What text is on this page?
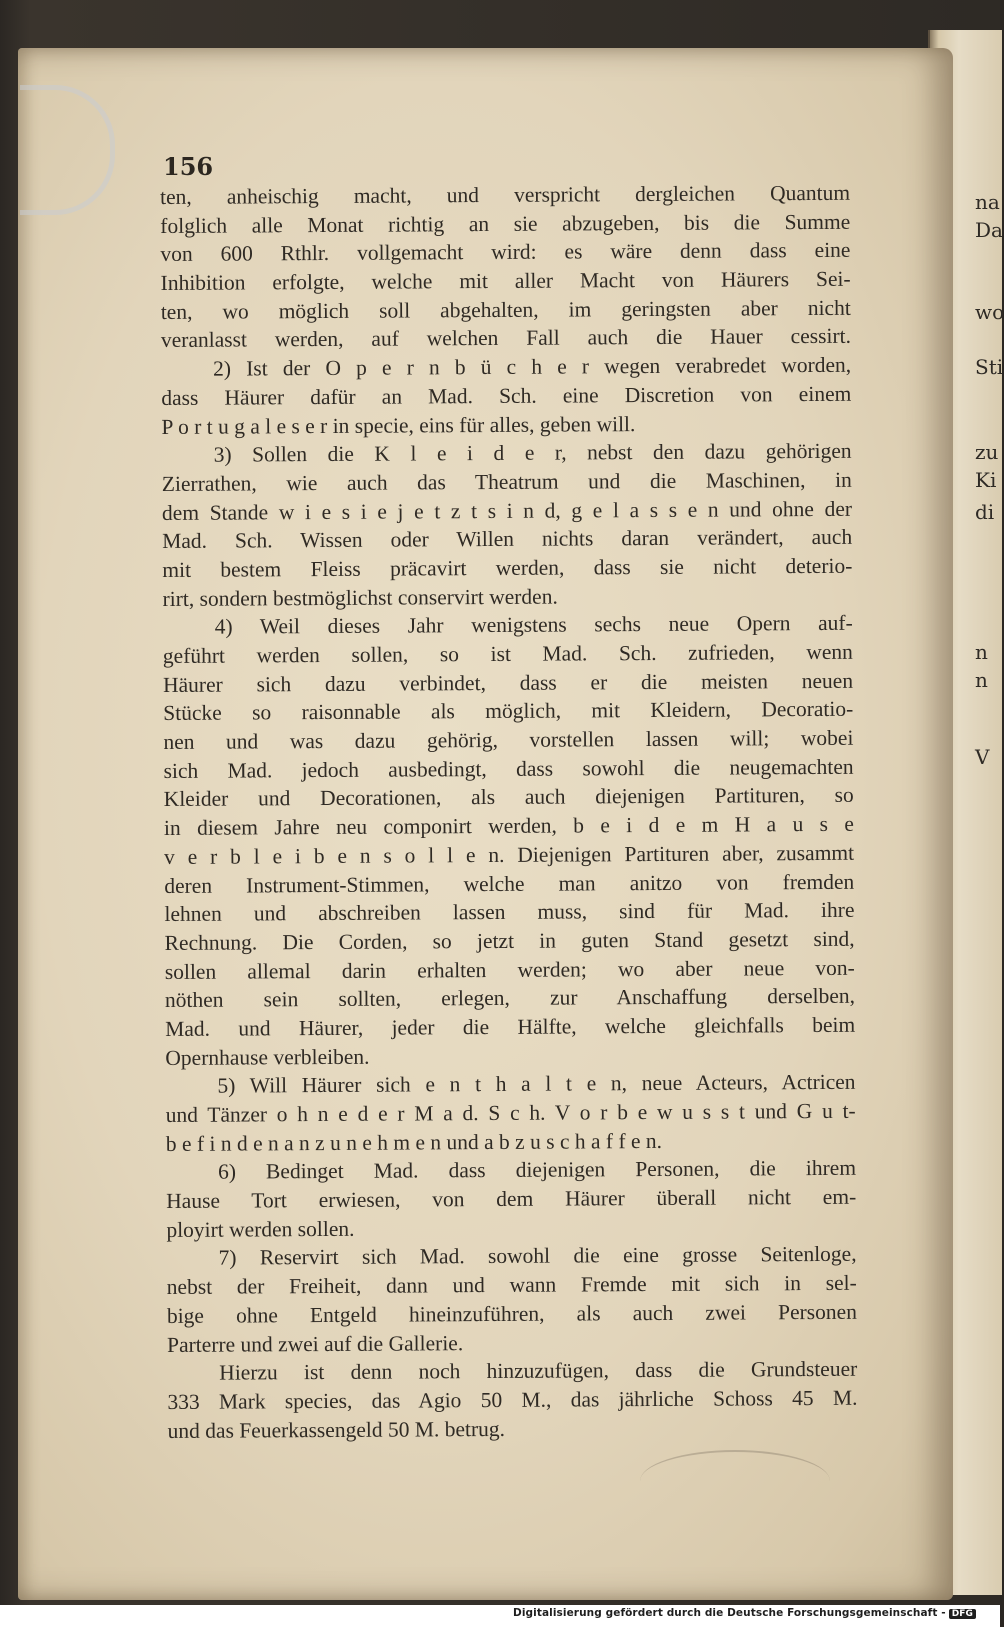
na
Da
wo
Sti
zu
Ki
di
n
n
V
156
ten, anheischig macht, und verspricht dergleichen Quantum
folglich alle Monat richtig an sie abzugeben, bis die Summe
von 600 Rthlr. vollgemacht wird: es wäre denn dass eine
Inhibition erfolgte, welche mit aller Macht von Häurers Sei-
ten, wo möglich soll abgehalten, im geringsten aber nicht
veranlasst werden, auf welchen Fall auch die Hauer cessirt.
2) Ist der O p e r n b ü c h e r wegen verabredet worden,
dass Häurer dafür an Mad. Sch. eine Discretion von einem
P o r t u g a l e s e r in specie, eins für alles, geben will.
3) Sollen die K l e i d e r, nebst den dazu gehörigen
Zierrathen, wie auch das Theatrum und die Maschinen, in
dem Stande w i e s i e j e t z t s i n d, g e l a s s e n und ohne der
Mad. Sch. Wissen oder Willen nichts daran verändert, auch
mit bestem Fleiss präcavirt werden, dass sie nicht deterio-
rirt, sondern bestmöglichst conservirt werden.
4) Weil dieses Jahr wenigstens sechs neue Opern auf-
geführt werden sollen, so ist Mad. Sch. zufrieden, wenn
Häurer sich dazu verbindet, dass er die meisten neuen
Stücke so raisonnable als möglich, mit Kleidern, Decoratio-
nen und was dazu gehörig, vorstellen lassen will; wobei
sich Mad. jedoch ausbedingt, dass sowohl die neugemachten
Kleider und Decorationen, als auch diejenigen Partituren, so
in diesem Jahre neu componirt werden, b e i d e m H a u s e
v e r b l e i b e n s o l l e n. Diejenigen Partituren aber, zusammt
deren Instrument-Stimmen, welche man anitzo von fremden
lehnen und abschreiben lassen muss, sind für Mad. ihre
Rechnung. Die Corden, so jetzt in guten Stand gesetzt sind,
sollen allemal darin erhalten werden; wo aber neue von-
nöthen sein sollten, erlegen, zur Anschaffung derselben,
Mad. und Häurer, jeder die Hälfte, welche gleichfalls beim
Opernhause verbleiben.
5) Will Häurer sich e n t h a l t e n, neue Acteurs, Actricen
und Tänzer o h n e d e r M a d. S c h. V o r b e w u s s t und G u t-
b e f i n d e n a n z u n e h m e n und a b z u s c h a f f e n.
6) Bedinget Mad. dass diejenigen Personen, die ihrem
Hause Tort erwiesen, von dem Häurer überall nicht em-
ployirt werden sollen.
7) Reservirt sich Mad. sowohl die eine grosse Seitenloge,
nebst der Freiheit, dann und wann Fremde mit sich in sel-
bige ohne Entgeld hineinzuführen, als auch zwei Personen
Parterre und zwei auf die Gallerie.
Hierzu ist denn noch hinzuzufügen, dass die Grundsteuer
333 Mark species, das Agio 50 M., das jährliche Schoss 45 M.
und das Feuerkassengeld 50 M. betrug.
Digitalisierung gefördert durch die Deutsche Forschungsgemeinschaft - DFG
